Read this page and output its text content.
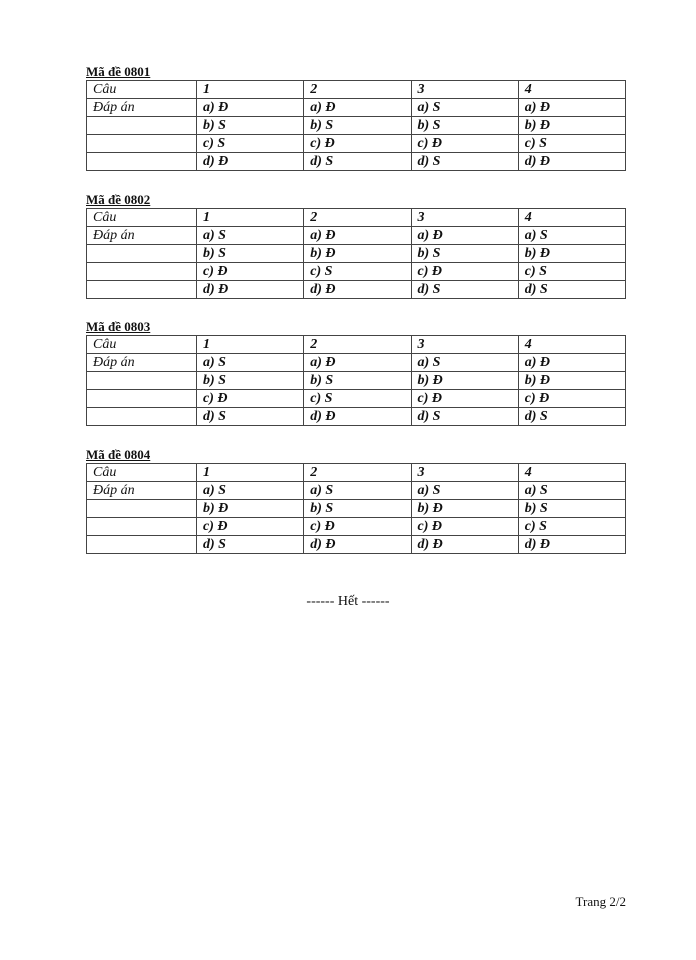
Mã đề 0801
Câu	1	2	3	4
Đáp án	a) Đ	a) Đ	a) S	a) Đ
	b) S	b) S	b) S	b) Đ
	c) S	c) Đ	c) Đ	c) S
	d) Đ	d) S	d) S	d) Đ
Mã đề 0802
Câu	1	2	3	4
Đáp án	a) S	a) Đ	a) Đ	a) S
	b) S	b) Đ	b) S	b) Đ
	c) Đ	c) S	c) Đ	c) S
	d) Đ	d) Đ	d) S	d) S
Mã đề 0803
Câu	1	2	3	4
Đáp án	a) S	a) Đ	a) S	a) Đ
	b) S	b) S	b) Đ	b) Đ
	c) Đ	c) S	c) Đ	c) Đ
	d) S	d) Đ	d) S	d) S
Mã đề 0804
Câu	1	2	3	4
Đáp án	a) S	a) S	a) S	a) S
	b) Đ	b) S	b) Đ	b) S
	c) Đ	c) Đ	c) Đ	c) S
	d) S	d) Đ	d) Đ	d) Đ
------ Hết ------
Trang 2/2
